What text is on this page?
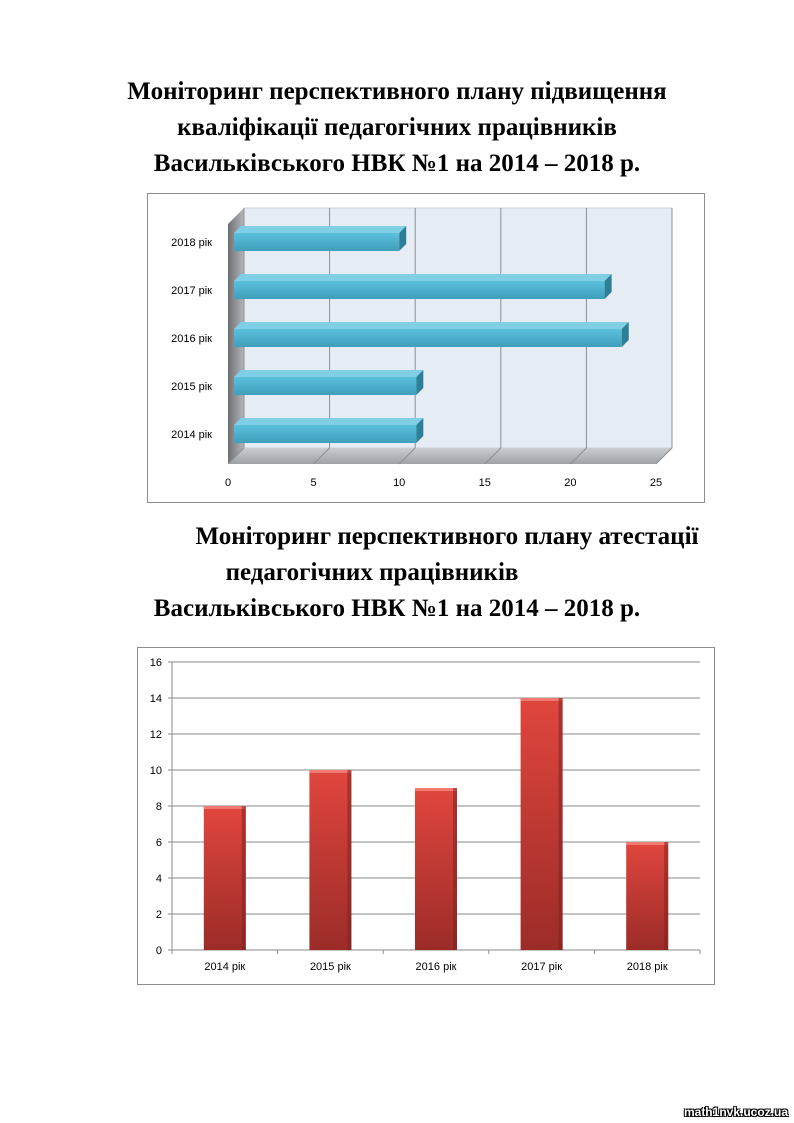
Моніторинг перспективного плану підвищення
кваліфікації педагогічних працівників
Васильківського НВК №1 на 2014 – 2018 р.
0	5	10	15	20	25
2014 рік
2015 рік
2016 рік
2017 рік
2018 рік
Моніторинг перспективного плану атестації
педагогічних працівників
Васильківського НВК №1 на 2014 – 2018 р.
0
2
4
6
8
10
12
14
16
2014 рік	2015 рік	2016 рік	2017 рік	2018 рік
math1nvk.ucoz.ua
